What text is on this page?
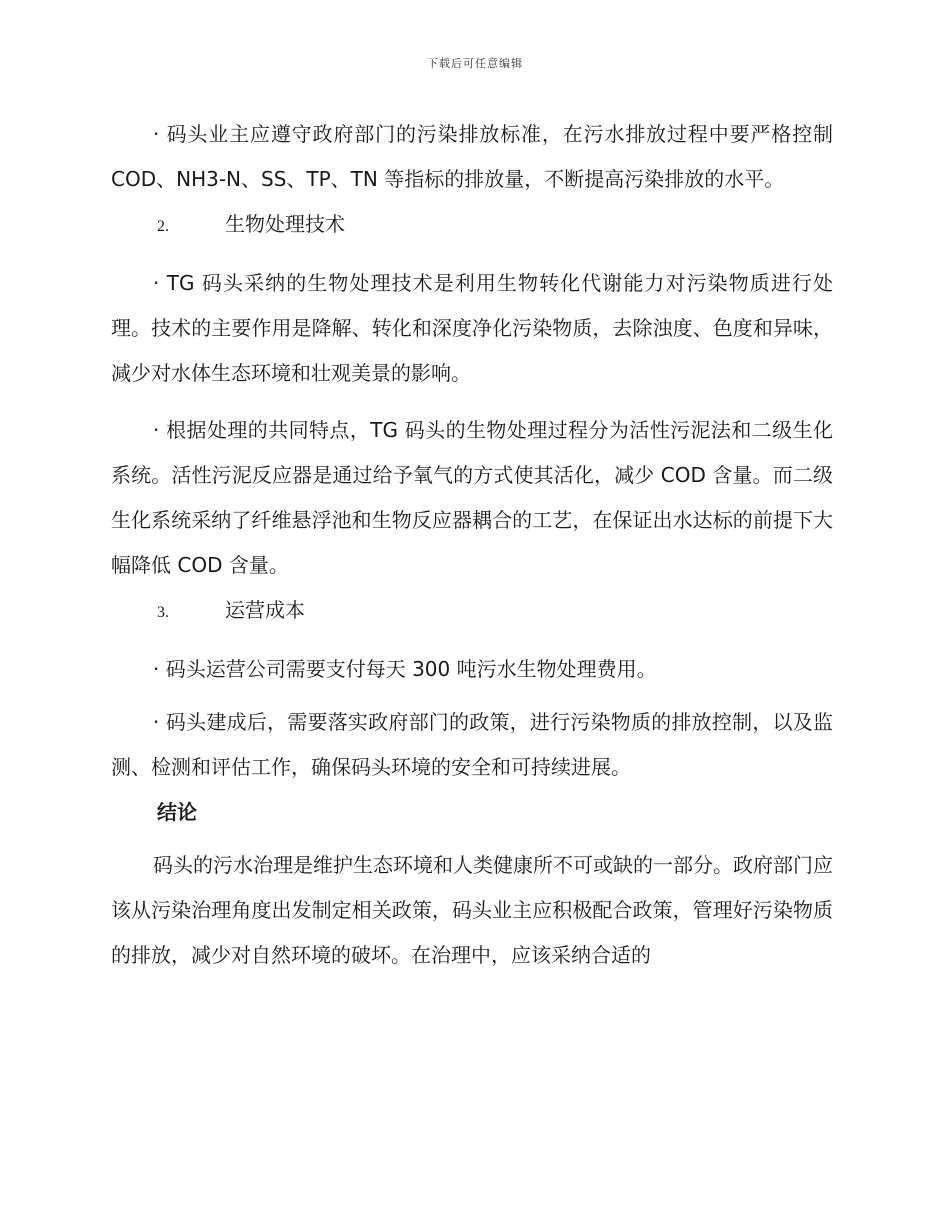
下载后可任意编辑

· 码头业主应遵守政府部门的污染排放标准，在污水排放过程中要严格控制 COD、NH3-N、SS、TP、TN 等指标的排放量，不断提高污染排放的水平。

2.	生物处理技术

· TG 码头采纳的生物处理技术是利用生物转化代谢能力对污染物质进行处理。技术的主要作用是降解、转化和深度净化污染物质，去除浊度、色度和异味，减少对水体生态环境和壮观美景的影响。

· 根据处理的共同特点，TG 码头的生物处理过程分为活性污泥法和二级生化系统。活性污泥反应器是通过给予氧气的方式使其活化，减少 COD 含量。而二级生化系统采纳了纤维悬浮池和生物反应器耦合的工艺，在保证出水达标的前提下大幅降低 COD 含量。

3.	运营成本

· 码头运营公司需要支付每天 300 吨污水生物处理费用。

· 码头建成后，需要落实政府部门的政策，进行污染物质的排放控制，以及监测、检测和评估工作，确保码头环境的安全和可持续进展。

结论

码头的污水治理是维护生态环境和人类健康所不可或缺的一部分。政府部门应该从污染治理角度出发制定相关政策，码头业主应积极配合政策，管理好污染物质的排放，减少对自然环境的破坏。在治理中，应该采纳合适的
